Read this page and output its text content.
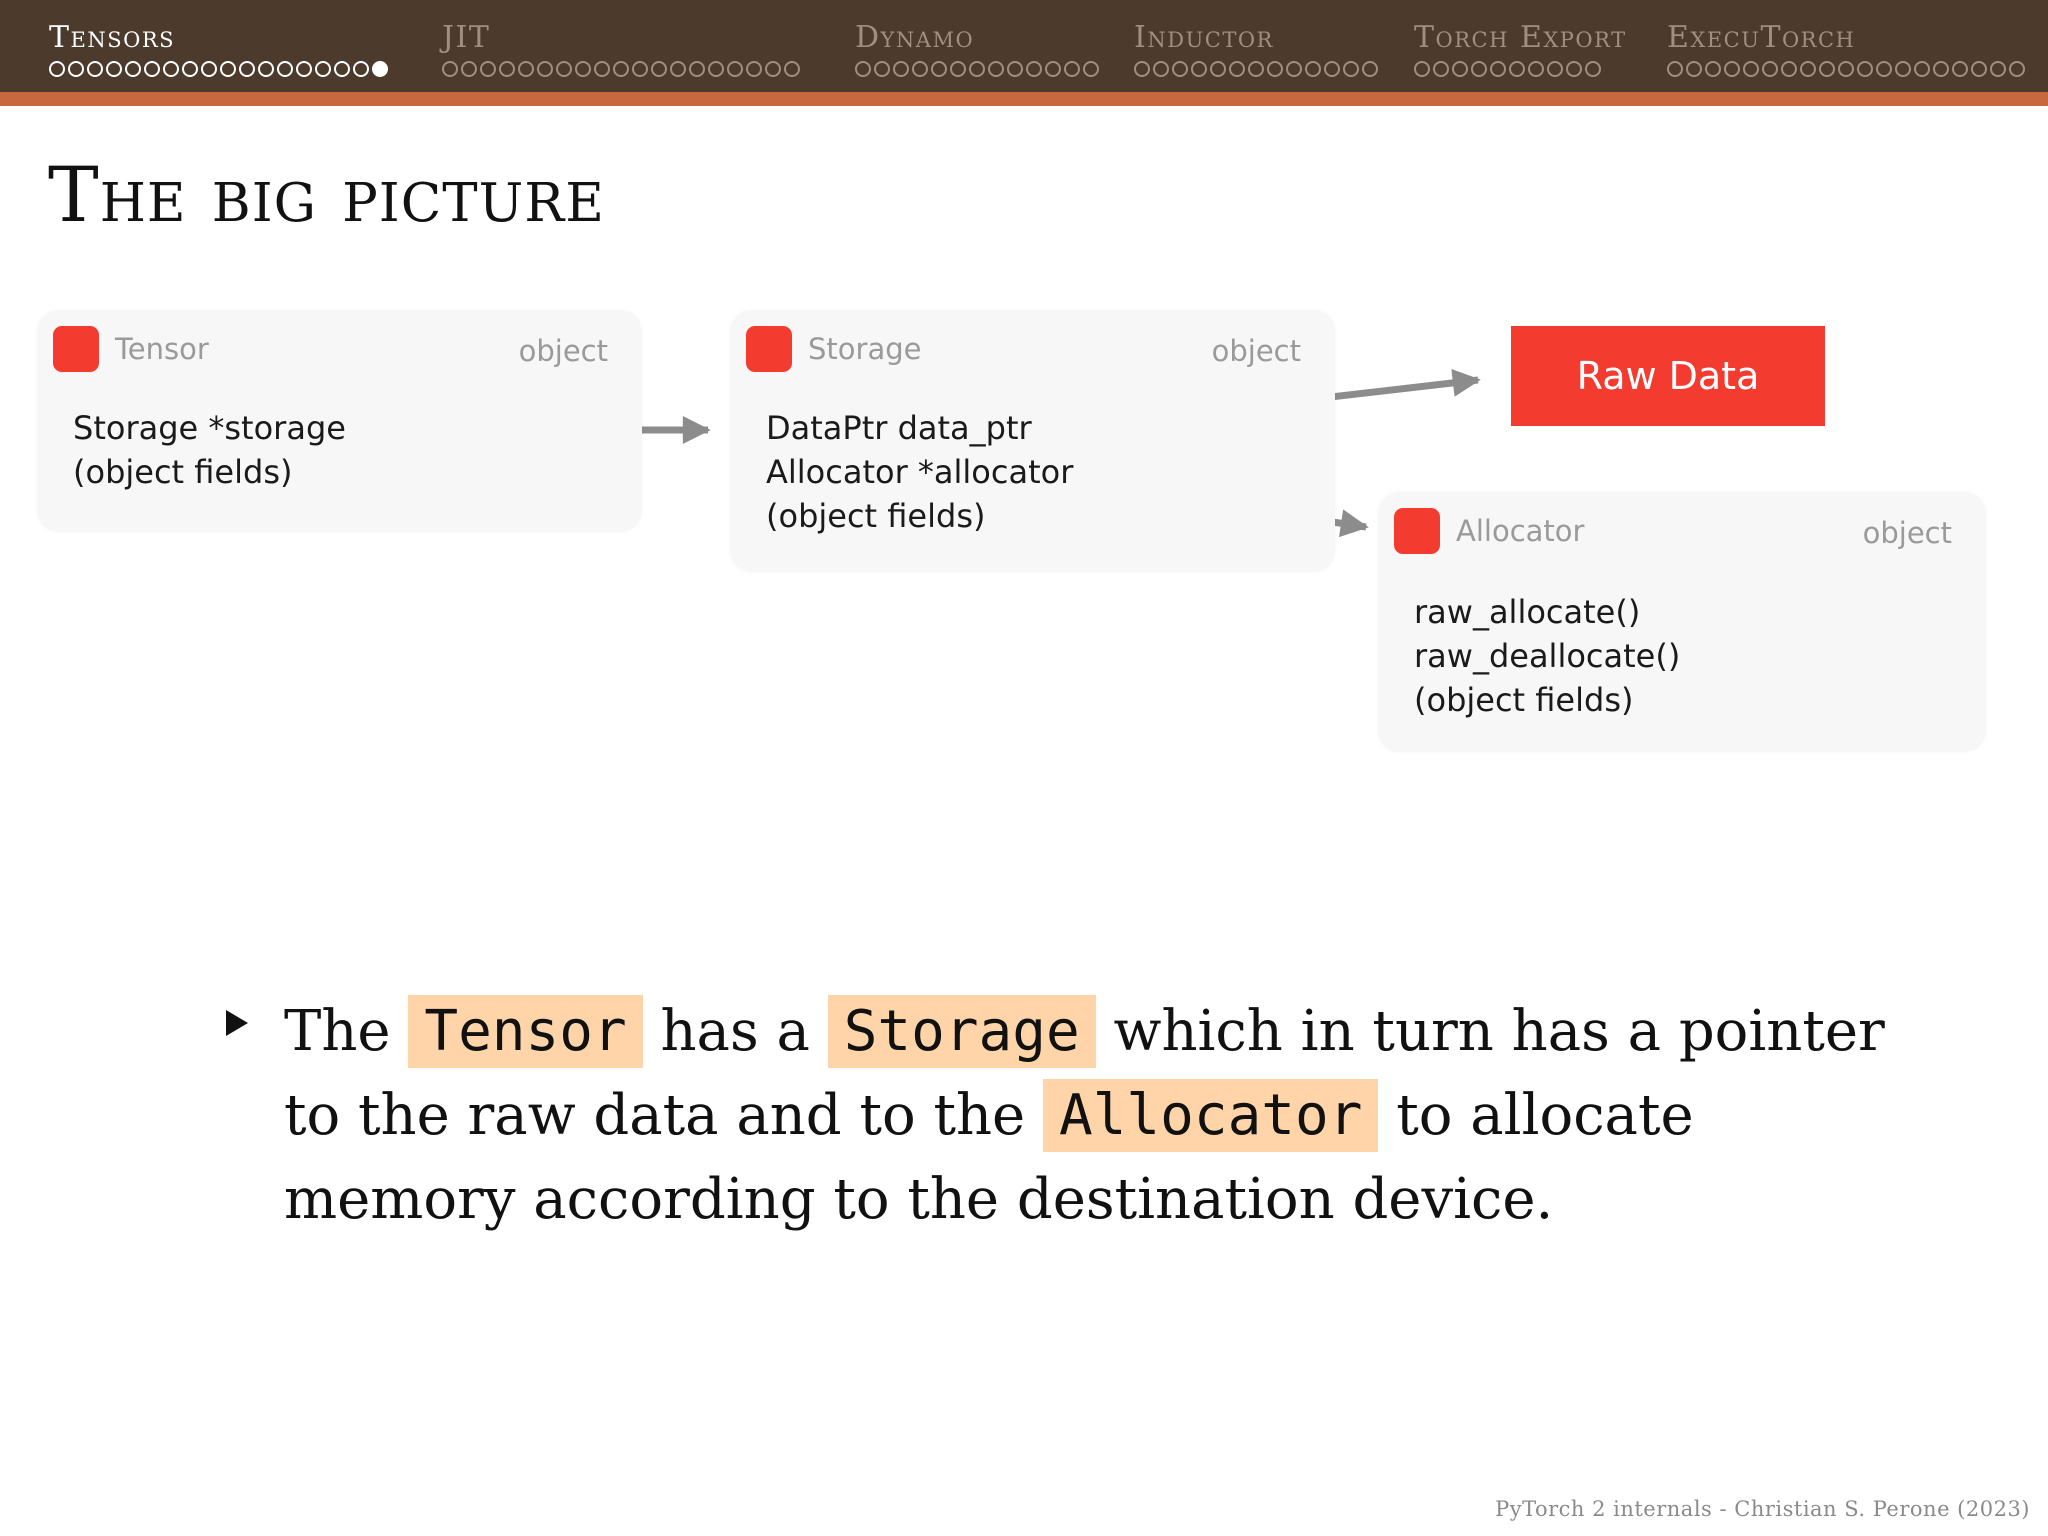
Tensors	JIT	Dynamo	Inductor	Torch Export ExecuTorch
The big picture
Tensor	object
Storage *storage
(object fields)
Storage	object
DataPtr data_ptr
Allocator *allocator
(object fields)
Raw Data
Allocator	object
raw_allocate()
raw_deallocate()
(object fields)

The Tensor has a Storage which in turn has a pointer to the raw data and to the Allocator to allocate memory according to the destination device.

PyTorch 2 internals - Christian S. Perone (2023)
